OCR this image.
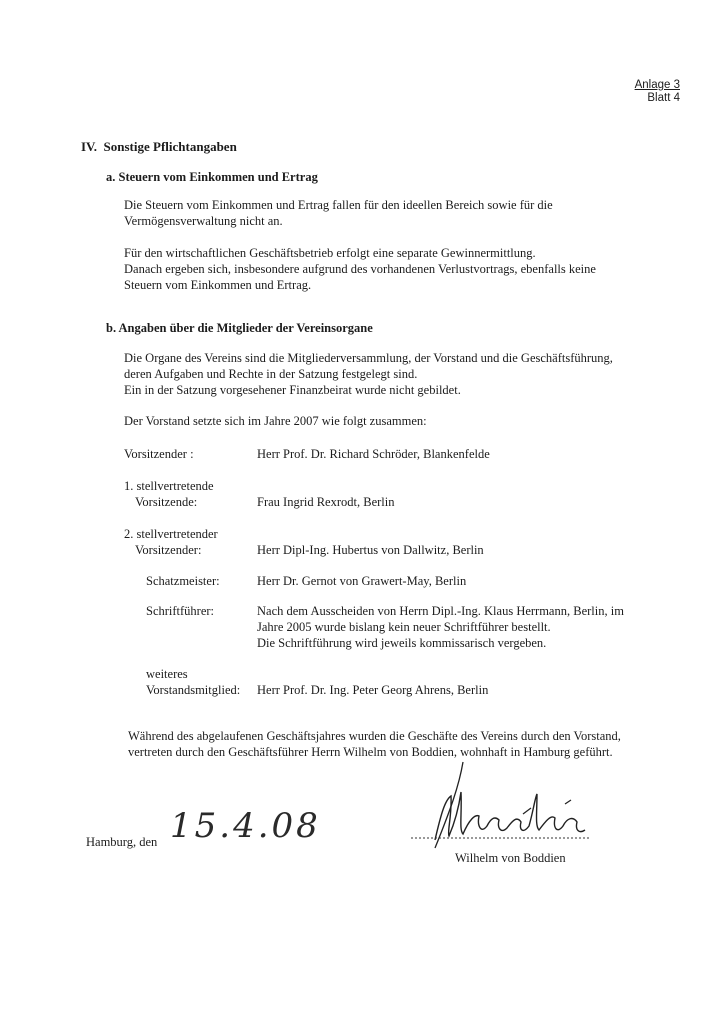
Anlage 3
Blatt 4
IV. Sonstige Pflichtangaben
a. Steuern vom Einkommen und Ertrag
Die Steuern vom Einkommen und Ertrag fallen für den ideellen Bereich sowie für die
Vermögensverwaltung nicht an.
Für den wirtschaftlichen Geschäftsbetrieb erfolgt eine separate Gewinnermittlung.
Danach ergeben sich, insbesondere aufgrund des vorhandenen Verlustvortrags, ebenfalls keine
Steuern vom Einkommen und Ertrag.
b. Angaben über die Mitglieder der Vereinsorgane
Die Organe des Vereins sind die Mitgliederversammlung, der Vorstand und die Geschäftsführung,
deren Aufgaben und Rechte in der Satzung festgelegt sind.
Ein in der Satzung vorgesehener Finanzbeirat wurde nicht gebildet.
Der Vorstand setzte sich im Jahre 2007 wie folgt zusammen:
Vorsitzender :	Herr Prof. Dr. Richard Schröder, Blankenfelde
1. stellvertretende
Vorsitzende:	Frau Ingrid Rexrodt, Berlin
2. stellvertretender
Vorsitzender:	Herr Dipl-Ing. Hubertus von Dallwitz, Berlin
Schatzmeister:	Herr Dr. Gernot von Grawert-May, Berlin
Schriftführer:	Nach dem Ausscheiden von Herrn Dipl.-Ing. Klaus Herrmann, Berlin, im
Jahre 2005 wurde bislang kein neuer Schriftführer bestellt.
Die Schriftführung wird jeweils kommissarisch vergeben.
weiteres
Vorstandsmitglied: Herr Prof. Dr. Ing. Peter Georg Ahrens, Berlin
Während des abgelaufenen Geschäftsjahres wurden die Geschäfte des Vereins durch den Vorstand,
vertreten durch den Geschäftsführer Herrn Wilhelm von Boddien, wohnhaft in Hamburg geführt.
Hamburg, den 15.4.08
Wilhelm von Boddien
